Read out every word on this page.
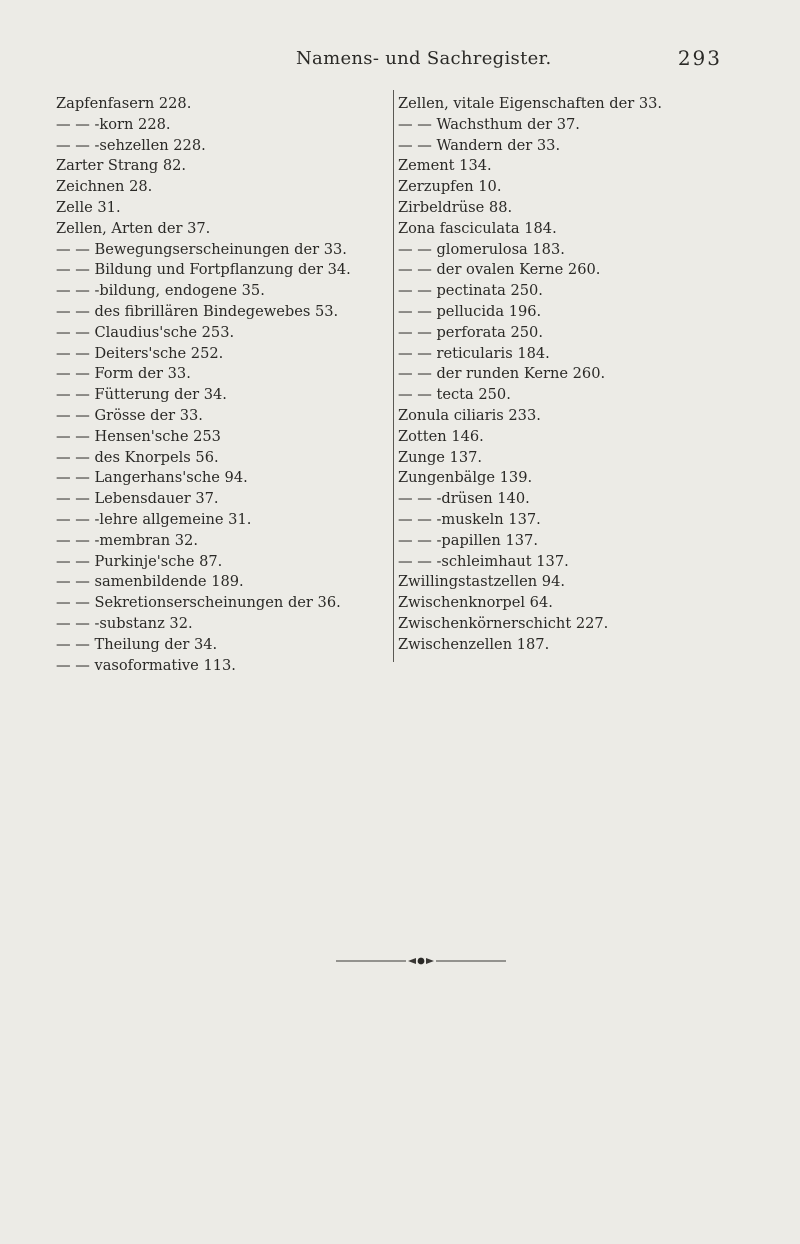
Namens- und Sachregister.	293
Zapfenfasern 228.
— — -korn 228.
— — -sehzellen 228.
Zarter Strang 82.
Zeichnen 28.
Zelle 31.
Zellen, Arten der 37.
— — Bewegungserscheinungen der 33.
— — Bildung und Fortpflanzung der 34.
— — -bildung, endogene 35.
— — des fibrillären Bindegewebes 53.
— — Claudius'sche 253.
— — Deiters'sche 252.
— — Form der 33.
— — Fütterung der 34.
— — Grösse der 33.
— — Hensen'sche 253
— — des Knorpels 56.
— — Langerhans'sche 94.
— — Lebensdauer 37.
— — -lehre allgemeine 31.
— — -membran 32.
— — Purkinje'sche 87.
— — samenbildende 189.
— — Sekretionserscheinungen der 36.
— — -substanz 32.
— — Theilung der 34.
— — vasoformative 113.
Zellen, vitale Eigenschaften der 33.
— — Wachsthum der 37.
— — Wandern der 33.
Zement 134.
Zerzupfen 10.
Zirbeldrüse 88.
Zona fasciculata 184.
— — glomerulosa 183.
— — der ovalen Kerne 260.
— — pectinata 250.
— — pellucida 196.
— — perforata 250.
— — reticularis 184.
— — der runden Kerne 260.
— — tecta 250.
Zonula ciliaris 233.
Zotten 146.
Zunge 137.
Zungenbälge 139.
— — -drüsen 140.
— — -muskeln 137.
— — -papillen 137.
— — -schleimhaut 137.
Zwillingstastzellen 94.
Zwischenknorpel 64.
Zwischenkörnerschicht 227.
Zwischenzellen 187.
